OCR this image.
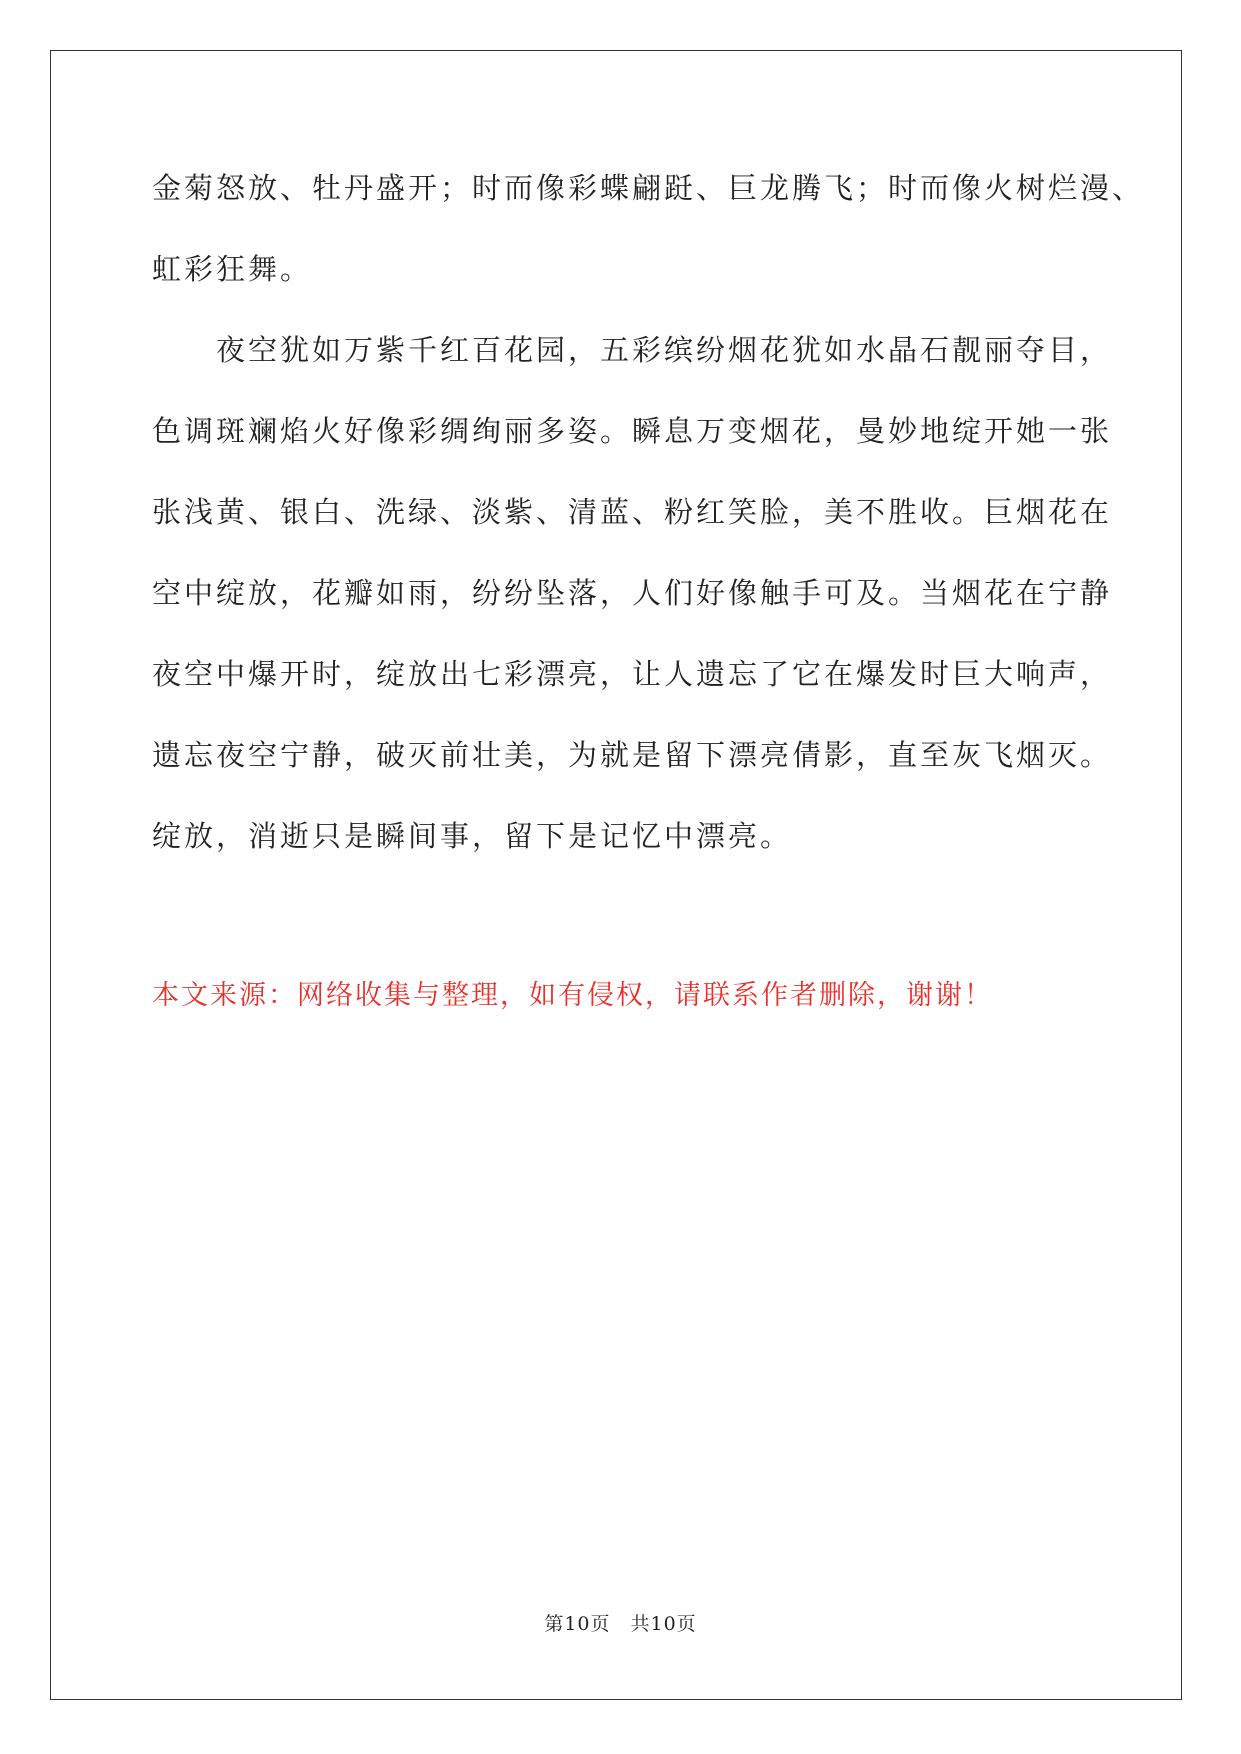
金菊怒放、牡丹盛开；时而像彩蝶翩跹、巨龙腾飞；时而像火树烂漫、
虹彩狂舞。
夜空犹如万紫千红百花园，五彩缤纷烟花犹如水晶石靓丽夺目，
色调斑斓焰火好像彩绸绚丽多姿。瞬息万变烟花，曼妙地绽开她一张
张浅黄、银白、洗绿、淡紫、清蓝、粉红笑脸，美不胜收。巨烟花在
空中绽放，花瓣如雨，纷纷坠落，人们好像触手可及。当烟花在宁静
夜空中爆开时，绽放出七彩漂亮，让人遗忘了它在爆发时巨大响声，
遗忘夜空宁静，破灭前壮美，为就是留下漂亮倩影，直至灰飞烟灭。
绽放，消逝只是瞬间事，留下是记忆中漂亮。
本文来源：网络收集与整理，如有侵权，请联系作者删除，谢谢！
第10页　共10页
